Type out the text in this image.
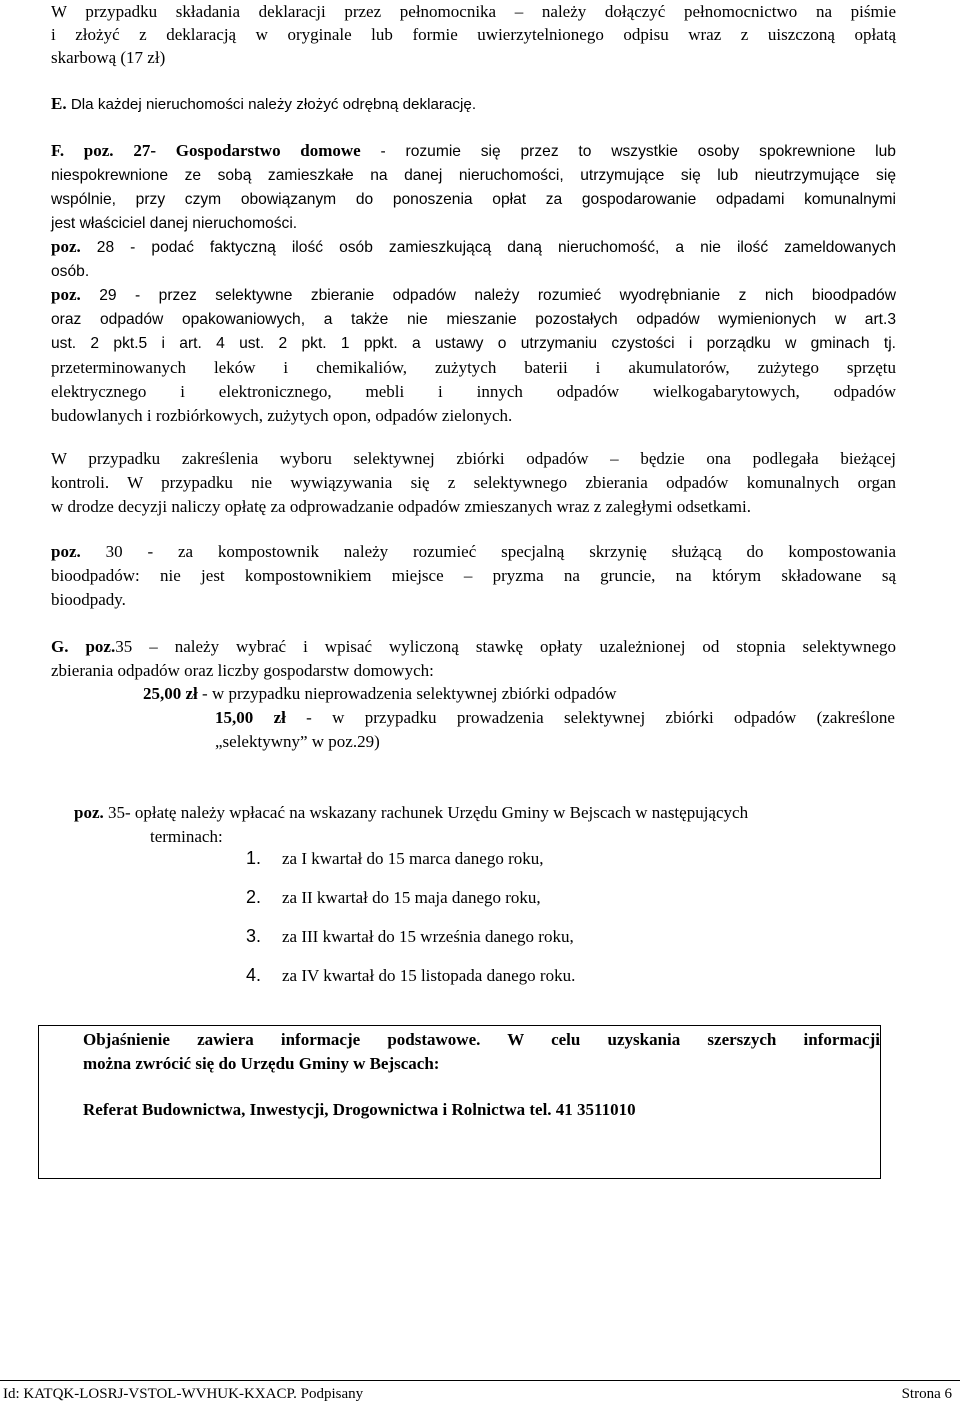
W przypadku składania deklaracji przez pełnomocnika – należy dołączyć pełnomocnictwo na piśmie
i złożyć z deklaracją w oryginale lub formie uwierzytelnionego odpisu wraz z uiszczoną opłatą
skarbową (17 zł)
E. Dla każdej nieruchomości należy złożyć odrębną deklarację.
F. poz. 27- Gospodarstwo domowe - rozumie się przez to wszystkie osoby spokrewnione lub
niespokrewnione ze sobą zamieszkałe na danej nieruchomości, utrzymujące się lub nieutrzymujące się
wspólnie, przy czym obowiązanym do ponoszenia opłat za gospodarowanie odpadami komunalnymi
jest właściciel danej nieruchomości.
poz. 28 - podać faktyczną ilość osób zamieszkującą daną nieruchomość, a nie ilość zameldowanych
osób.
poz. 29 - przez selektywne zbieranie odpadów należy rozumieć wyodrębnianie z nich bioodpadów
oraz odpadów opakowaniowych, a także nie mieszanie pozostałych odpadów wymienionych w art.3
ust. 2 pkt.5 i art. 4 ust. 2 pkt. 1 ppkt. a ustawy o utrzymaniu czystości i porządku w gminach tj.
przeterminowanych leków i chemikaliów, zużytych baterii i akumulatorów, zużytego sprzętu
elektrycznego i elektronicznego, mebli i innych odpadów wielkogabarytowych, odpadów
budowlanych i rozbiórkowych, zużytych opon, odpadów zielonych.
W przypadku zakreślenia wyboru selektywnej zbiórki odpadów – będzie ona podlegała bieżącej
kontroli. W przypadku nie wywiązywania się z selektywnego zbierania odpadów komunalnych organ
w drodze decyzji naliczy opłatę za odprowadzanie odpadów zmieszanych wraz z zaległymi odsetkami.
poz. 30 - za kompostownik należy rozumieć specjalną skrzynię służącą do kompostowania
bioodpadów: nie jest kompostownikiem miejsce – pryzma na gruncie, na którym składowane są
bioodpady.
G. poz.35 – należy wybrać i wpisać wyliczoną stawkę opłaty uzależnionej od stopnia selektywnego
zbierania odpadów oraz liczby gospodarstw domowych:
25,00 zł - w przypadku nieprowadzenia selektywnej zbiórki odpadów
15,00 zł - w przypadku prowadzenia selektywnej zbiórki odpadów (zakreślone
„selektywny” w poz.29)
poz. 35- opłatę należy wpłacać na wskazany rachunek Urzędu Gminy w Bejscach w następujących
terminach:
1. za I kwartał do 15 marca danego roku,
2. za II kwartał do 15 maja danego roku,
3. za III kwartał do 15 września danego roku,
4. za IV kwartał do 15 listopada danego roku.
Objaśnienie zawiera informacje podstawowe. W celu uzyskania szerszych informacji
można zwrócić się do Urzędu Gminy w Bejscach:
Referat Budownictwa, Inwestycji, Drogownictwa i Rolnictwa tel. 41 3511010
Id: KATQK-LOSRJ-VSTOL-WVHUK-KXACP. Podpisany	Strona 6
